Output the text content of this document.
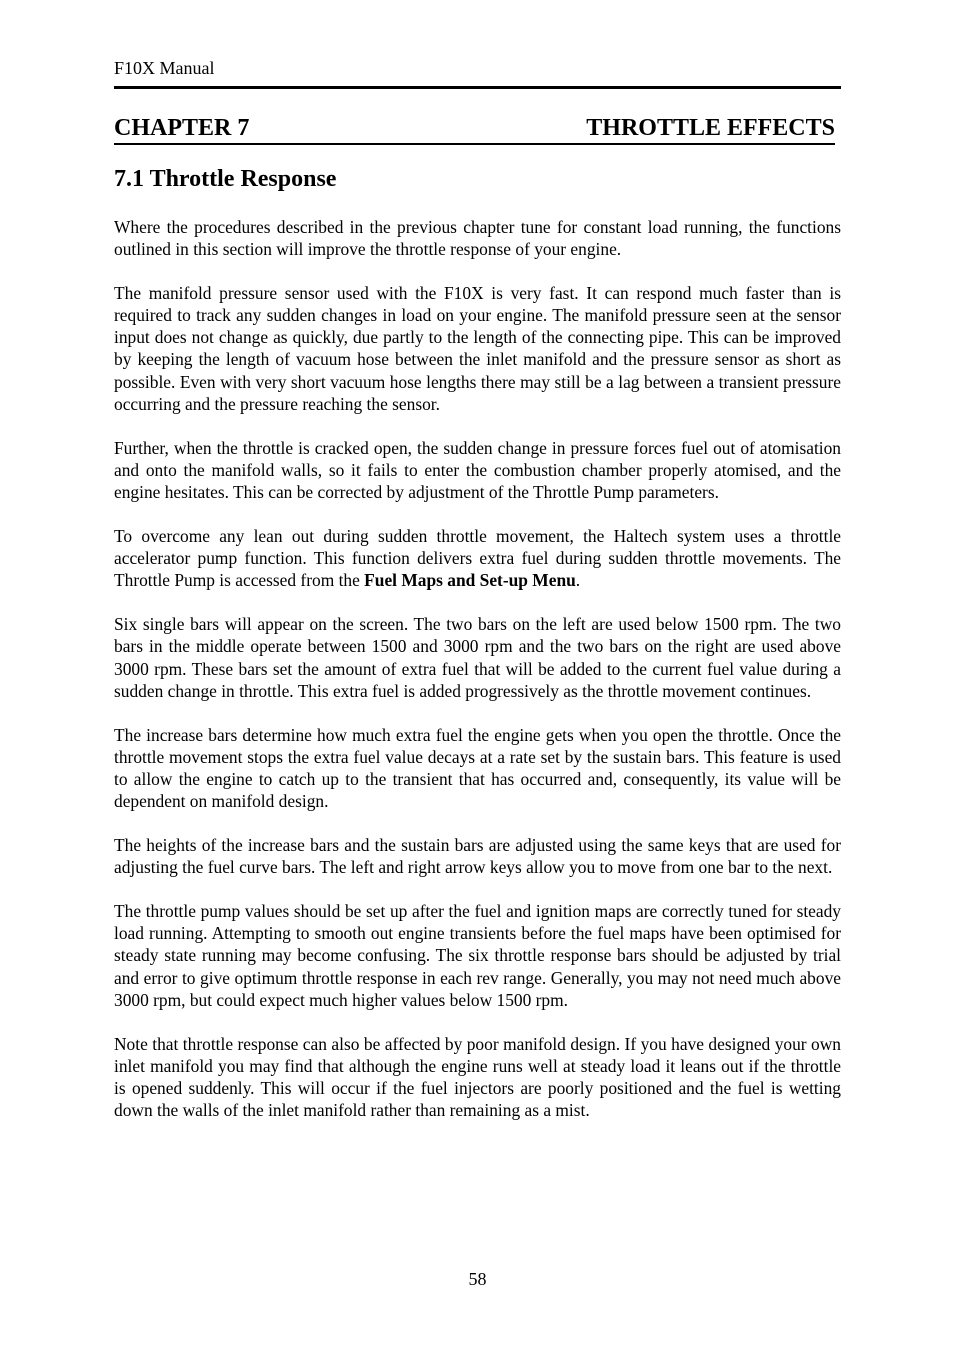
F10X Manual
CHAPTER 7	THROTTLE EFFECTS
7.1 Throttle Response

Where the procedures described in the previous chapter tune for constant load running, the functions outlined in this section will improve the throttle response of your engine.

The manifold pressure sensor used with the F10X is very fast. It can respond much faster than is required to track any sudden changes in load on your engine. The manifold pressure seen at the sensor input does not change as quickly, due partly to the length of the connecting pipe. This can be improved by keeping the length of vacuum hose between the inlet manifold and the pressure sensor as short as possible. Even with very short vacuum hose lengths there may still be a lag between a transient pressure occurring and the pressure reaching the sensor.

Further, when the throttle is cracked open, the sudden change in pressure forces fuel out of atomisation and onto the manifold walls, so it fails to enter the combustion chamber properly atomised, and the engine hesitates. This can be corrected by adjustment of the Throttle Pump parameters.

To overcome any lean out during sudden throttle movement, the Haltech system uses a throttle accelerator pump function. This function delivers extra fuel during sudden throttle movements. The Throttle Pump is accessed from the Fuel Maps and Set-up Menu.

Six single bars will appear on the screen. The two bars on the left are used below 1500 rpm. The two bars in the middle operate between 1500 and 3000 rpm and the two bars on the right are used above 3000 rpm. These bars set the amount of extra fuel that will be added to the current fuel value during a sudden change in throttle. This extra fuel is added progressively as the throttle movement continues.

The increase bars determine how much extra fuel the engine gets when you open the throttle. Once the throttle movement stops the extra fuel value decays at a rate set by the sustain bars. This feature is used to allow the engine to catch up to the transient that has occurred and, consequently, its value will be dependent on manifold design.

The heights of the increase bars and the sustain bars are adjusted using the same keys that are used for adjusting the fuel curve bars. The left and right arrow keys allow you to move from one bar to the next.

The throttle pump values should be set up after the fuel and ignition maps are correctly tuned for steady load running. Attempting to smooth out engine transients before the fuel maps have been optimised for steady state running may become confusing. The six throttle response bars should be adjusted by trial and error to give optimum throttle response in each rev range. Generally, you may not need much above 3000 rpm, but could expect much higher values below 1500 rpm.

Note that throttle response can also be affected by poor manifold design. If you have designed your own inlet manifold you may find that although the engine runs well at steady load it leans out if the throttle is opened suddenly. This will occur if the fuel injectors are poorly positioned and the fuel is wetting down the walls of the inlet manifold rather than remaining as a mist.

58
